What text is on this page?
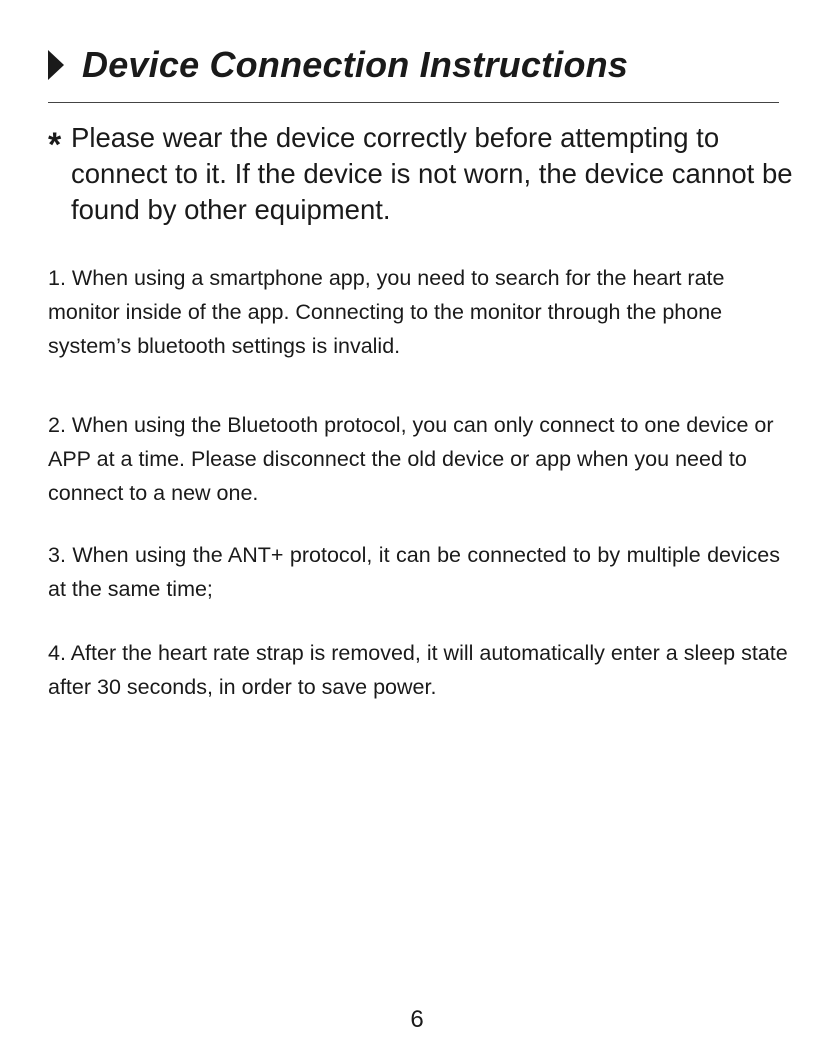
Device Connection Instructions
* Please wear the device correctly before attempting to connect to it. If the device is not worn, the device cannot be found by other equipment.
1. When using a smartphone app, you need to search for the heart rate monitor inside of the app. Connecting to the monitor through the phone system’s bluetooth settings is invalid.
2. When using the Bluetooth protocol, you can only connect to one device or APP at a time. Please disconnect the old device or app when you need to connect to a new one.
3. When using the ANT+ protocol, it can be connected to by multiple devices at the same time;
4. After the heart rate strap is removed, it will automatically enter a sleep state after 30 seconds, in order to save power.
6
